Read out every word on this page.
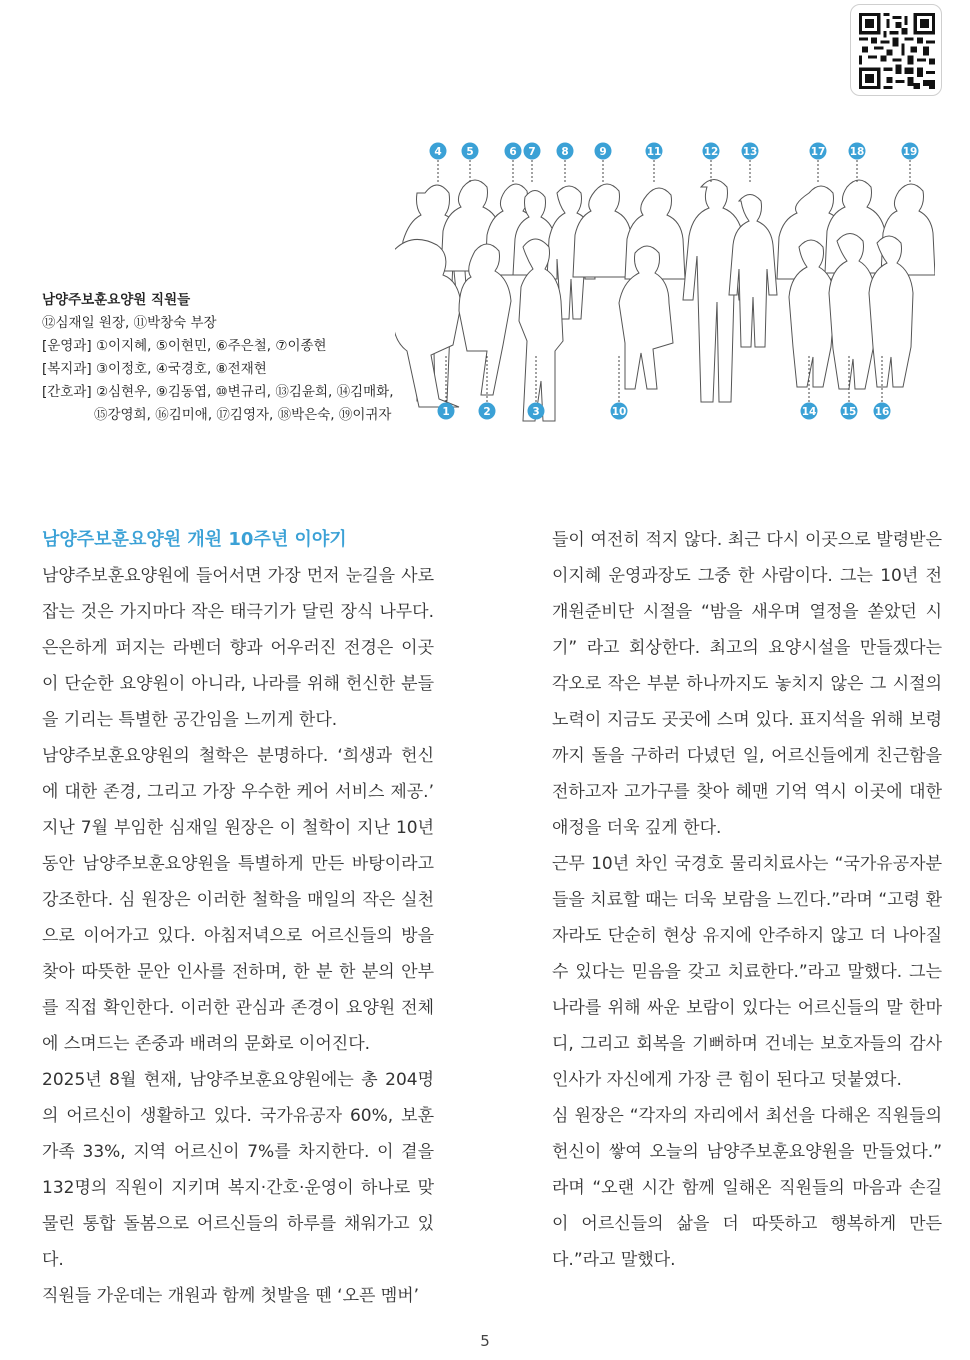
4 5	6 7 8	9	11	12 13	17 18	19
1	2	3	10	14 15 16
남양주보훈요양원 직원들
⑫심재일 원장, ⑪박창숙 부장
[운영과] ①이지혜, ⑤이현민, ⑥주은철, ⑦이종현
[복지과] ③이정호, ④국경호, ⑧전재현
[간호과] ②심현우, ⑨김동엽, ⑩변규리, ⑬김윤희, ⑭김매화,
⑮강영희, ⑯김미애, ⑰김영자, ⑱박은숙, ⑲이귀자

남양주보훈요양원 개원 10주년 이야기

남양주보훈요양원에 들어서면 가장 먼저 눈길을 사로잡는 것은 가지마다 작은 태극기가 달린 장식 나무다. 은은하게 퍼지는 라벤더 향과 어우러진 전경은 이곳이 단순한 요양원이 아니라, 나라를 위해 헌신한 분들을 기리는 특별한 공간임을 느끼게 한다.

남양주보훈요양원의 철학은 분명하다. ‘희생과 헌신에 대한 존경, 그리고 가장 우수한 케어 서비스 제공.’ 지난 7월 부임한 심재일 원장은 이 철학이 지난 10년 동안 남양주보훈요양원을 특별하게 만든 바탕이라고 강조한다. 심 원장은 이러한 철학을 매일의 작은 실천으로 이어가고 있다. 아침저녁으로 어르신들의 방을 찾아 따뜻한 문안 인사를 전하며, 한 분 한 분의 안부를 직접 확인한다. 이러한 관심과 존경이 요양원 전체에 스며드는 존중과 배려의 문화로 이어진다.

2025년 8월 현재, 남양주보훈요양원에는 총 204명의 어르신이 생활하고 있다. 국가유공자 60%, 보훈가족 33%, 지역 어르신이 7%를 차지한다. 이 곁을 132명의 직원이 지키며 복지·간호·운영이 하나로 맞물린 통합 돌봄으로 어르신들의 하루를 채워가고 있다.

직원들 가운데는 개원과 함께 첫발을 뗀 ‘오픈 멤버’

들이 여전히 적지 않다. 최근 다시 이곳으로 발령받은 이지혜 운영과장도 그중 한 사람이다. 그는 10년 전 개원준비단 시절을 “밤을 새우며 열정을 쏟았던 시기” 라고 회상한다. 최고의 요양시설을 만들겠다는 각오로 작은 부분 하나까지도 놓치지 않은 그 시절의 노력이 지금도 곳곳에 스며 있다. 표지석을 위해 보령까지 돌을 구하러 다녔던 일, 어르신들에게 친근함을 전하고자 고가구를 찾아 헤맨 기억 역시 이곳에 대한 애정을 더욱 깊게 한다.

근무 10년 차인 국경호 물리치료사는 “국가유공자분들을 치료할 때는 더욱 보람을 느낀다.”라며 “고령 환자라도 단순히 현상 유지에 안주하지 않고 더 나아질 수 있다는 믿음을 갖고 치료한다.”라고 말했다. 그는 나라를 위해 싸운 보람이 있다는 어르신들의 말 한마디, 그리고 회복을 기뻐하며 건네는 보호자들의 감사 인사가 자신에게 가장 큰 힘이 된다고 덧붙였다.

심 원장은 “각자의 자리에서 최선을 다해온 직원들의 헌신이 쌓여 오늘의 남양주보훈요양원을 만들었다.” 라며 “오랜 시간 함께 일해온 직원들의 마음과 손길이 어르신들의 삶을 더 따뜻하고 행복하게 만든다.”라고 말했다.

5
